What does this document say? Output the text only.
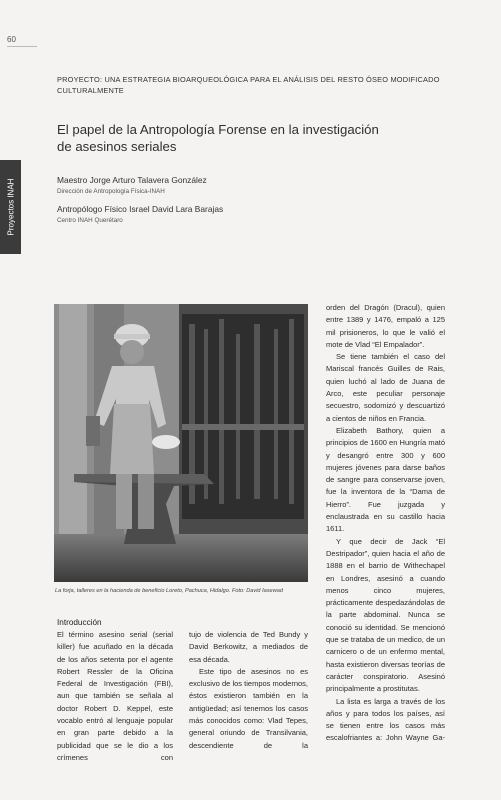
60
Proyectos INAH
PROYECTO: UNA ESTRATEGIA BIOARQUEOLÓGICA PARA EL ANÁLISIS DEL RESTO ÓSEO MODIFICADO CULTURALMENTE
El papel de la Antropología Forense en la investigación de asesinos seriales
Maestro Jorge Arturo Talavera González
Dirección de Antropología Física-INAH
Antropólogo Físico Israel David Lara Barajas
Centro INAH Querétaro
La forja, talleres en la hacienda de beneficio Loreto, Pachuca, Hidalgo. Foto: David Iasewad
Introducción

El término asesino serial (serial killer) fue acuñado en la década de los años setenta por el agente Robert Ressler de la Oficina Federal de Investigación (FBI), aun que también se señala al doctor Robert D. Keppel, este vocablo entró al lenguaje popular en gran parte debido a la publicidad que se le dio a los crímenes con

tujo de violencia de Ted Bundy y David Berkowitz, a mediados de esa década.

Este tipo de asesinos no es exclusivo de los tiempos modernos, éstos existieron también en la antigüedad; así tenemos los casos más conocidos como: Vlad Tepes, general oriundo de Transilvania, descendiente de la

orden del Dragón (Dracul), quien entre 1389 y 1476, empaló a 125 mil prisioneros, lo que le valió el mote de Vlad “El Empalador”.

Se tiene también el caso del Mariscal francés Guilles de Rais, quien luchó al lado de Juana de Arco, este peculiar personaje secuestro, sodomizó y descuartizó a cientos de niños en Francia.

Elizabeth Bathory, quien a principios de 1600 en Hungría mató y desangró entre 300 y 600 mujeres jóvenes para darse baños de sangre para conservarse joven, fue la inventora de la “Dama de Hierro”. Fue juzgada y enclaustrada en su castillo hacia 1611.

Y que decir de Jack “El Destripador”, quien hacia el año de 1888 en el barrio de Withechapel en Londres, asesinó a cuando menos cinco mujeres, prácticamente despedazándolas de la parte abdominal. Nunca se conoció su identidad. Se mencionó que se trataba de un medico, de un carnicero o de un enfermo mental, hasta existieron diversas teorías de carácter conspiratorio. Asesinó principalmente a prostitutas.

La lista es larga a través de los años y para todos los países, así se tienen entre los casos más escalofriantes a: John Wayne Ga-
